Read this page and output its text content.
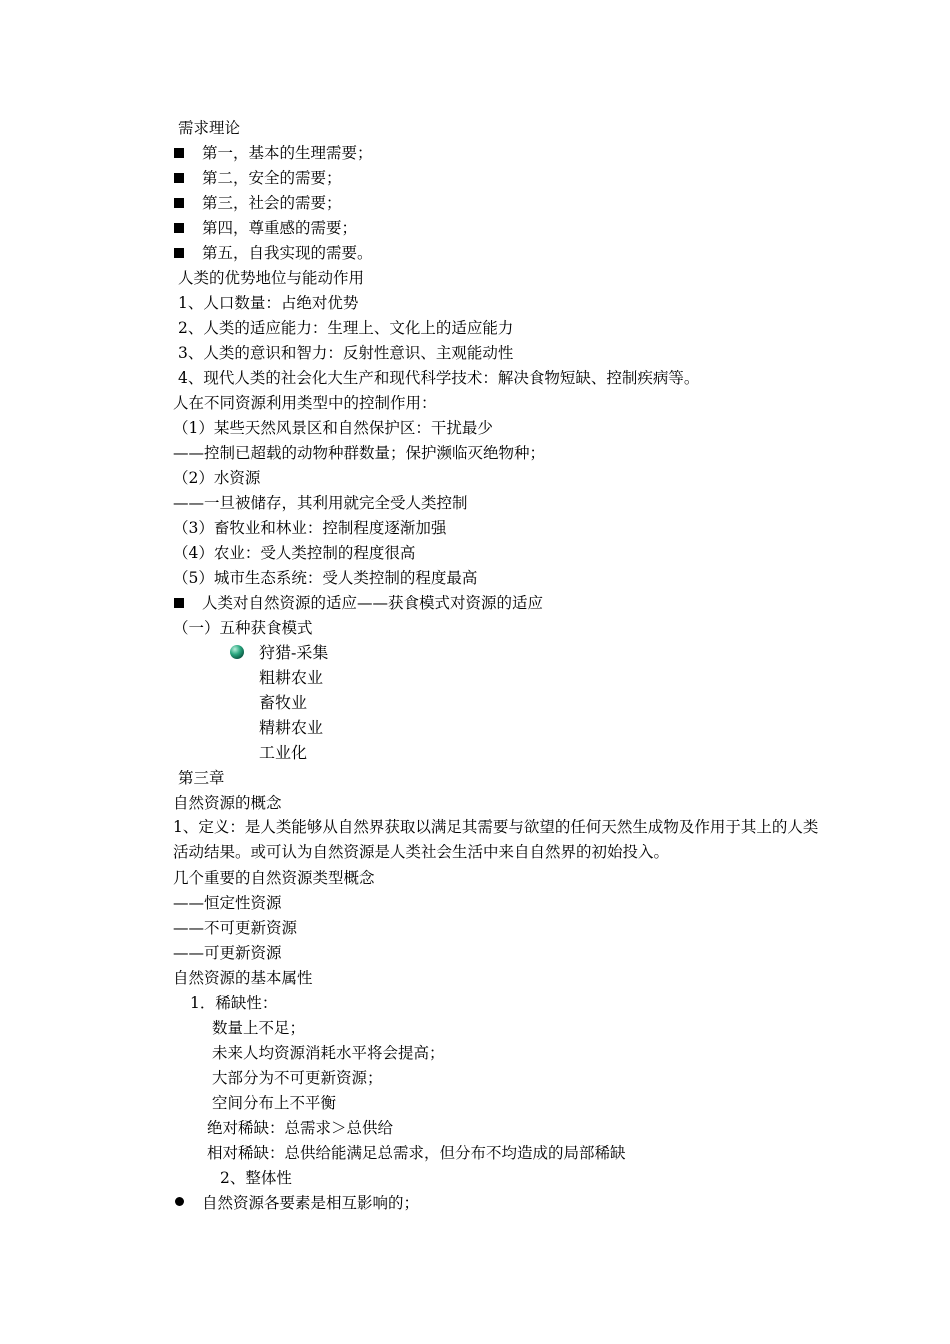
需求理论
第一，基本的生理需要；
第二，安全的需要；
第三，社会的需要；
第四，尊重感的需要；
第五，自我实现的需要。
人类的优势地位与能动作用
1、人口数量：占绝对优势
2、人类的适应能力：生理上、文化上的适应能力
3、人类的意识和智力：反射性意识、主观能动性
4、现代人类的社会化大生产和现代科学技术：解决食物短缺、控制疾病等。
人在不同资源利用类型中的控制作用：
（1）某些天然风景区和自然保护区：干扰最少
——控制已超载的动物种群数量；保护濒临灭绝物种；
（2）水资源
——一旦被储存，其利用就完全受人类控制
（3）畜牧业和林业：控制程度逐渐加强
（4）农业：受人类控制的程度很高
（5）城市生态系统：受人类控制的程度最高
人类对自然资源的适应——获食模式对资源的适应
（一）五种获食模式
狩猎-采集
粗耕农业
畜牧业
精耕农业
工业化
第三章
自然资源的概念
1、定义：是人类能够从自然界获取以满足其需要与欲望的任何天然生成物及作用于其上的人类活动结果。或可认为自然资源是人类社会生活中来自自然界的初始投入。
几个重要的自然资源类型概念
——恒定性资源
——不可更新资源
——可更新资源
自然资源的基本属性
1．稀缺性：
数量上不足；
未来人均资源消耗水平将会提高；
大部分为不可更新资源；
空间分布上不平衡
绝对稀缺：总需求＞总供给
相对稀缺：总供给能满足总需求，但分布不均造成的局部稀缺
2、整体性
自然资源各要素是相互影响的；
